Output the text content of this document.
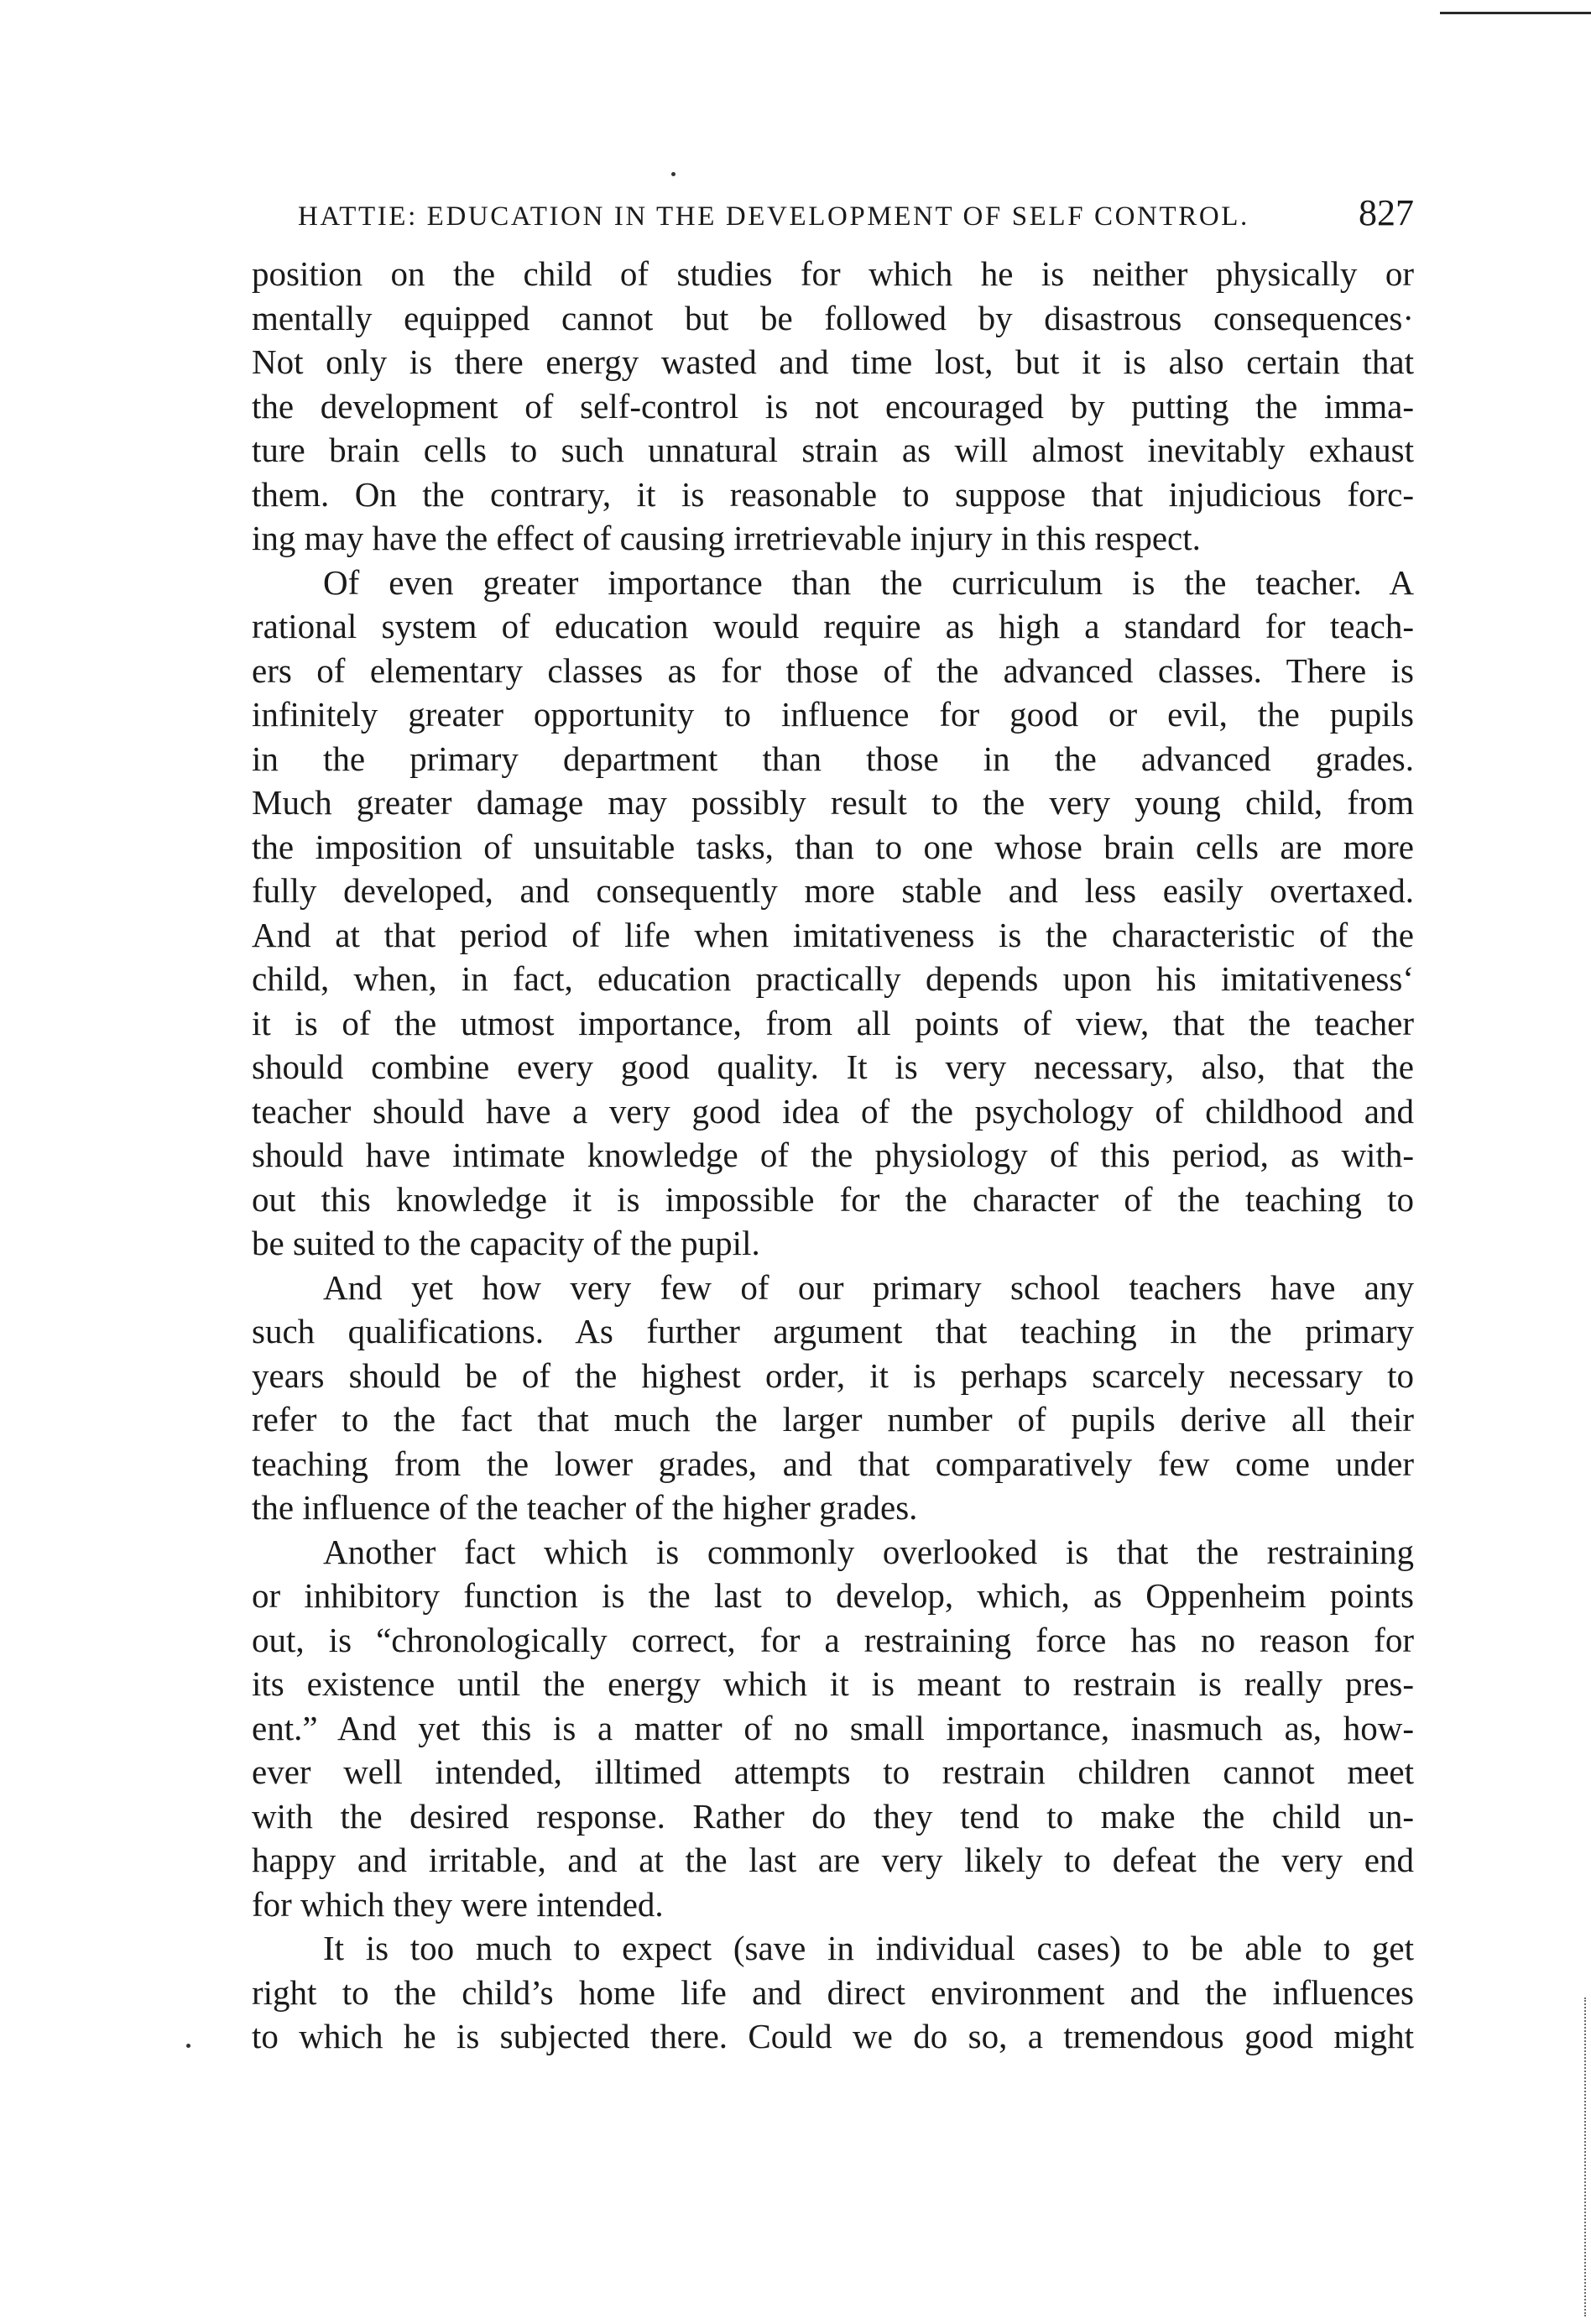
HATTIE: EDUCATION IN THE DEVELOPMENT OF SELF CONTROL.	827
position on the child of studies for which he is neither physically or
mentally equipped cannot but be followed by disastrous consequences·
Not only is there energy wasted and time lost, but it is also certain that
the development of self-control is not encouraged by putting the imma-
ture brain cells to such unnatural strain as will almost inevitably exhaust
them. On the contrary, it is reasonable to suppose that injudicious forc-
ing may have the effect of causing irretrievable injury in this respect.
Of even greater importance than the curriculum is the teacher. A
rational system of education would require as high a standard for teach-
ers of elementary classes as for those of the advanced classes. There is
infinitely greater opportunity to influence for good or evil, the pupils
in the primary department than those in the advanced grades.
Much greater damage may possibly result to the very young child, from
the imposition of unsuitable tasks, than to one whose brain cells are more
fully developed, and consequently more stable and less easily overtaxed.
And at that period of life when imitativeness is the characteristic of the
child, when, in fact, education practically depends upon his imitativeness‘
it is of the utmost importance, from all points of view, that the teacher
should combine every good quality. It is very necessary, also, that the
teacher should have a very good idea of the psychology of childhood and
should have intimate knowledge of the physiology of this period, as with-
out this knowledge it is impossible for the character of the teaching to
be suited to the capacity of the pupil.
And yet how very few of our primary school teachers have any
such qualifications. As further argument that teaching in the primary
years should be of the highest order, it is perhaps scarcely necessary to
refer to the fact that much the larger number of pupils derive all their
teaching from the lower grades, and that comparatively few come under
the influence of the teacher of the higher grades.
Another fact which is commonly overlooked is that the restraining
or inhibitory function is the last to develop, which, as Oppenheim points
out, is “chronologically correct, for a restraining force has no reason for
its existence until the energy which it is meant to restrain is really pres-
ent.” And yet this is a matter of no small importance, inasmuch as, how-
ever well intended, illtimed attempts to restrain children cannot meet
with the desired response. Rather do they tend to make the child un-
happy and irritable, and at the last are very likely to defeat the very end
for which they were intended.
It is too much to expect (save in individual cases) to be able to get
right to the child’s home life and direct environment and the influences
to which he is subjected there. Could we do so, a tremendous good might
